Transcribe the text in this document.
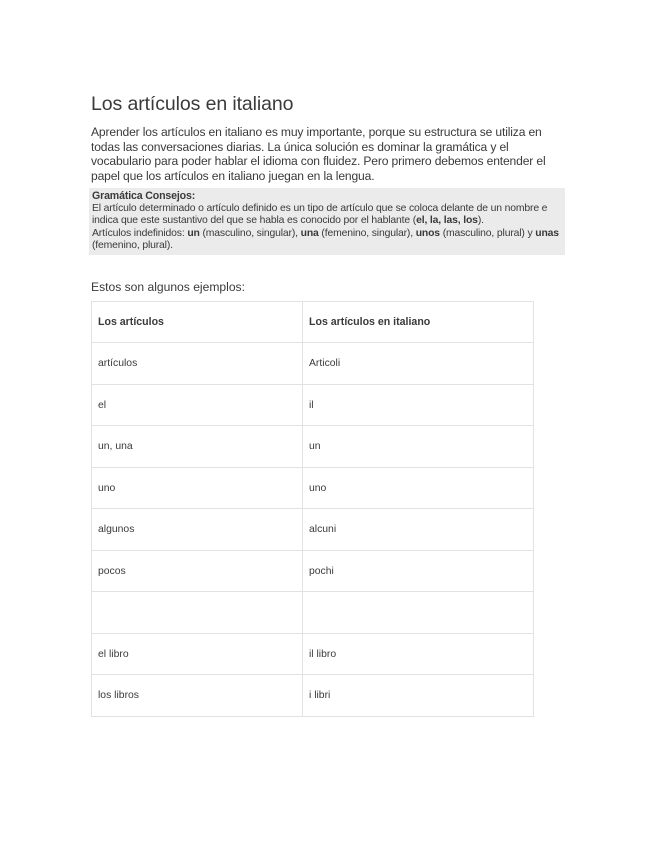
Los artículos en italiano

Aprender los artículos en italiano es muy importante, porque su estructura se utiliza en todas las conversaciones diarias. La única solución es dominar la gramática y el vocabulario para poder hablar el idioma con fluidez. Pero primero debemos entender el papel que los artículos en italiano juegan en la lengua.

Gramática Consejos:
El artículo determinado o artículo definido es un tipo de artículo que se coloca delante de un nombre e indica que este sustantivo del que se habla es conocido por el hablante (el, la, las, los).
Artículos indefinidos: un (masculino, singular), una (femenino, singular), unos (masculino, plural) y unas (femenino, plural).

Estos son algunos ejemplos:

Los artículos	Los artículos en italiano
artículos	Articoli
el	il
un, una	un
uno	uno
algunos	alcuni
pocos	pochi

el libro	il libro
los libros	i libri
